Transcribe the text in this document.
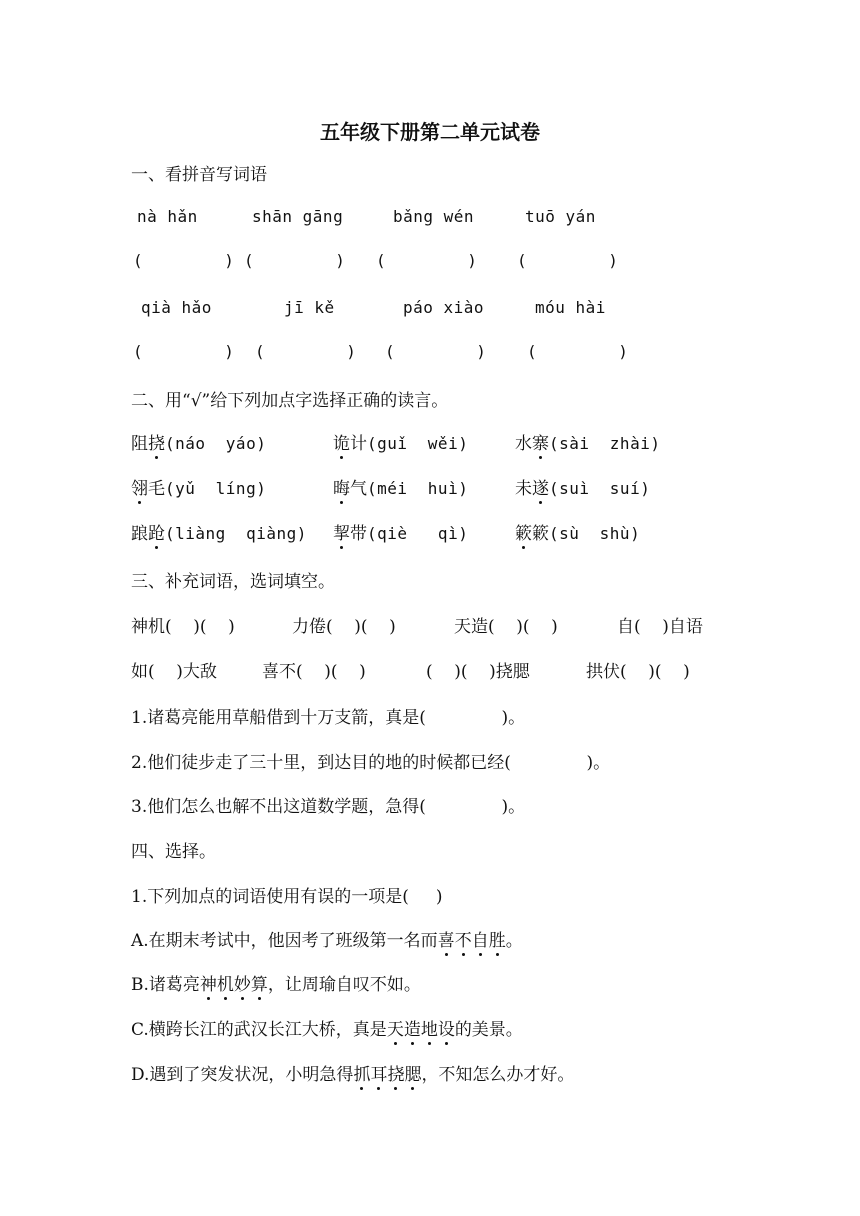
五年级下册第二单元试卷
一、看拼音写词语
nà hǎn	shān gāng	bǎng wén	tuō yán
(        ) (        ) (        ) (        )
qià hǎo	jī kě	páo xiào	móu hài
(        ) (        ) (        )	(        )
二、用“√”给下列加点字选择正确的读言。
阻挠(náo  yáo)	诡计(guǐ  wěi)	水寨(sài  zhài)
翎毛(yǔ  líng)	晦气(méi  huì)	未遂(suì  suí)
踉跄(liàng  qiàng) 挈带(qiè   qì)	簌簌(sù  shù)
三、补充词语，选词填空。
神机(    )(    )	力倦(    )(    )	天造(    )(    )	自(    )自语
如(    )大敌	喜不(    )(    )	(    )(    )挠腮	拱伏(    )(    )
1.诸葛亮能用草船借到十万支箭，真是(              )。
2.他们徒步走了三十里，到达目的地的时候都已经(              )。
3.他们怎么也解不出这道数学题，急得(              )。
四、选择。
1.下列加点的词语使用有误的一项是(     )
A.在期末考试中，他因考了班级第一名而喜不自胜。
B.诸葛亮神机妙算，让周瑜自叹不如。
C.横跨长江的武汉长江大桥，真是天造地设的美景。
D.遇到了突发状况，小明急得抓耳挠腮，不知怎么办才好。
